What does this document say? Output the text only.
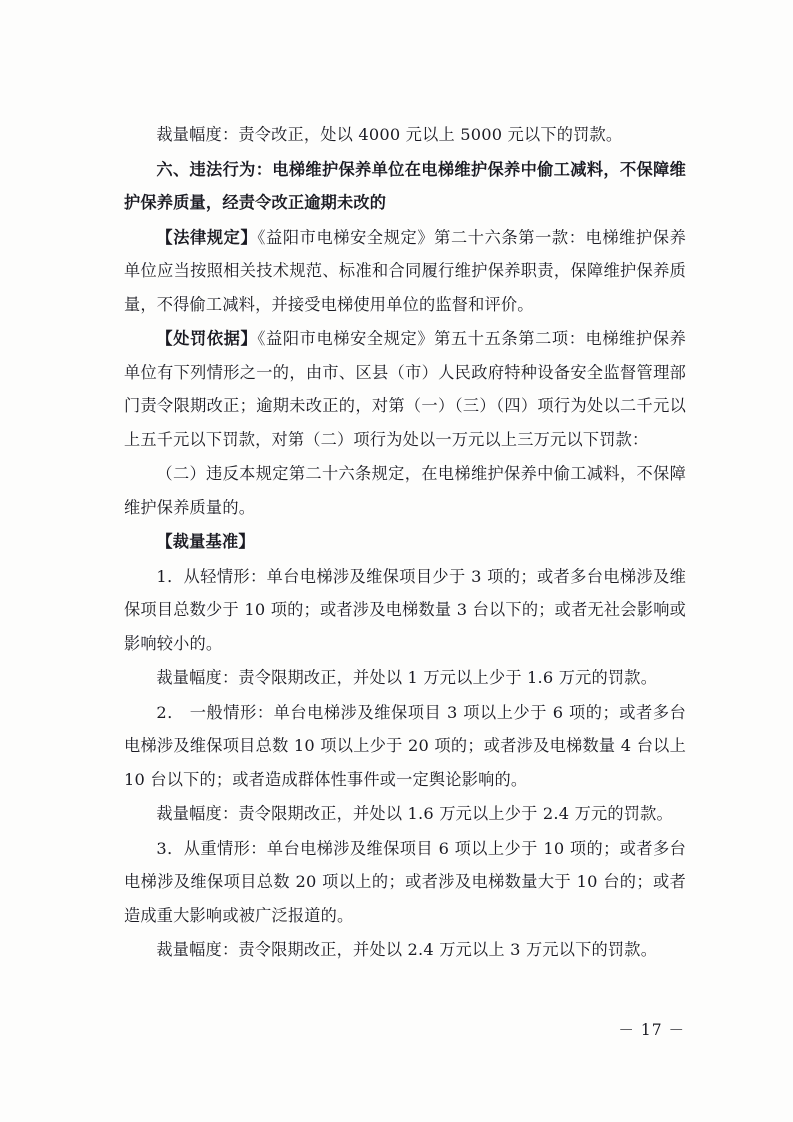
裁量幅度：责令改正，处以 4000 元以上 5000 元以下的罚款。

六、违法行为：电梯维护保养单位在电梯维护保养中偷工减料，不保障维护保养质量，经责令改正逾期未改的

【法律规定】《益阳市电梯安全规定》第二十六条第一款：电梯维护保养单位应当按照相关技术规范、标准和合同履行维护保养职责，保障维护保养质量，不得偷工减料，并接受电梯使用单位的监督和评价。

【处罚依据】《益阳市电梯安全规定》第五十五条第二项：电梯维护保养单位有下列情形之一的，由市、区县（市）人民政府特种设备安全监督管理部门责令限期改正；逾期未改正的，对第（一）（三）（四）项行为处以二千元以上五千元以下罚款，对第（二）项行为处以一万元以上三万元以下罚款：

（二）违反本规定第二十六条规定，在电梯维护保养中偷工减料，不保障维护保养质量的。

【裁量基准】

1．从轻情形：单台电梯涉及维保项目少于 3 项的；或者多台电梯涉及维保项目总数少于 10 项的；或者涉及电梯数量 3 台以下的；或者无社会影响或影响较小的。

裁量幅度：责令限期改正，并处以 1 万元以上少于 1.6 万元的罚款。

2． 一般情形：单台电梯涉及维保项目 3 项以上少于 6 项的；或者多台电梯涉及维保项目总数 10 项以上少于 20 项的；或者涉及电梯数量 4 台以上 10 台以下的；或者造成群体性事件或一定舆论影响的。

裁量幅度：责令限期改正，并处以 1.6 万元以上少于 2.4 万元的罚款。

3．从重情形：单台电梯涉及维保项目 6 项以上少于 10 项的；或者多台电梯涉及维保项目总数 20 项以上的；或者涉及电梯数量大于 10 台的；或者造成重大影响或被广泛报道的。

裁量幅度：责令限期改正，并处以 2.4 万元以上 3 万元以下的罚款。

－ 17 －
